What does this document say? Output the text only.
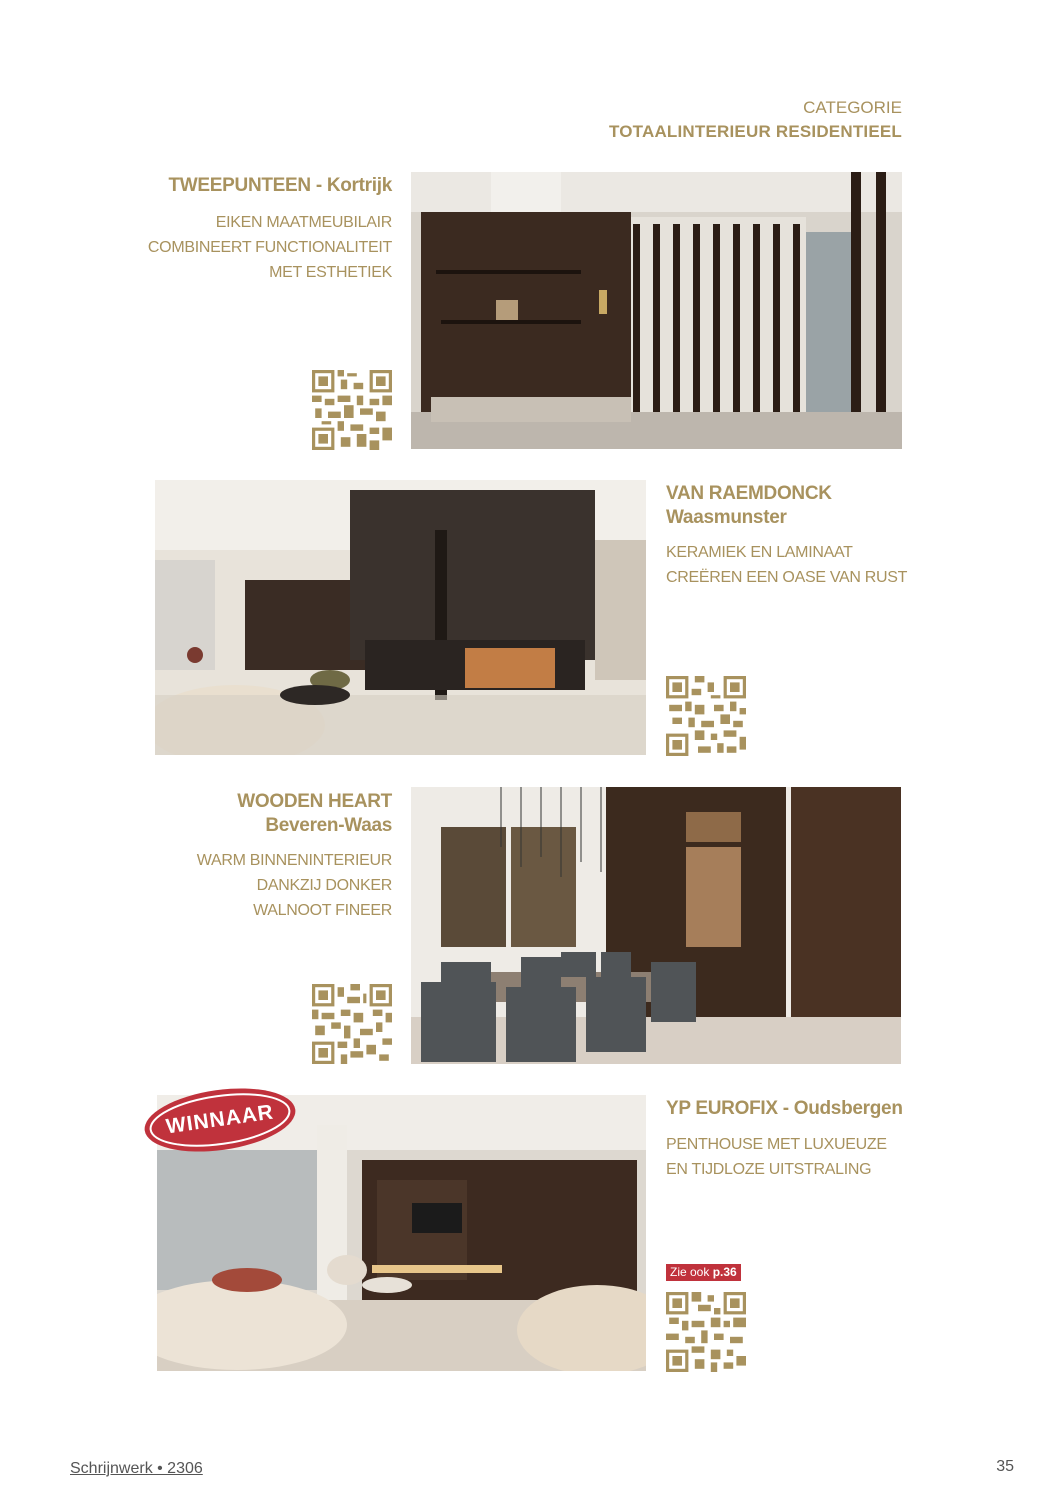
CATEGORIE
TOTAALINTERIEUR RESIDENTIEEL
TWEEPUNTEEN - Kortrijk
EIKEN MAATMEUBILAIR
COMBINEERT FUNCTIONALITEIT
MET ESTHETIEK
VAN RAEMDONCK
Waasmunster
KERAMIEK EN LAMINAAT
CREËREN EEN OASE VAN RUST
WOODEN HEART
Beveren-Waas
WARM BINNENINTERIEUR
DANKZIJ DONKER
WALNOOT FINEER
WINNAAR	YP EUROFIX - Oudsbergen
PENTHOUSE MET LUXUEUZE
EN TIJDLOZE UITSTRALING
Zie ook p.36
Schrijnwerk • 2306	35
